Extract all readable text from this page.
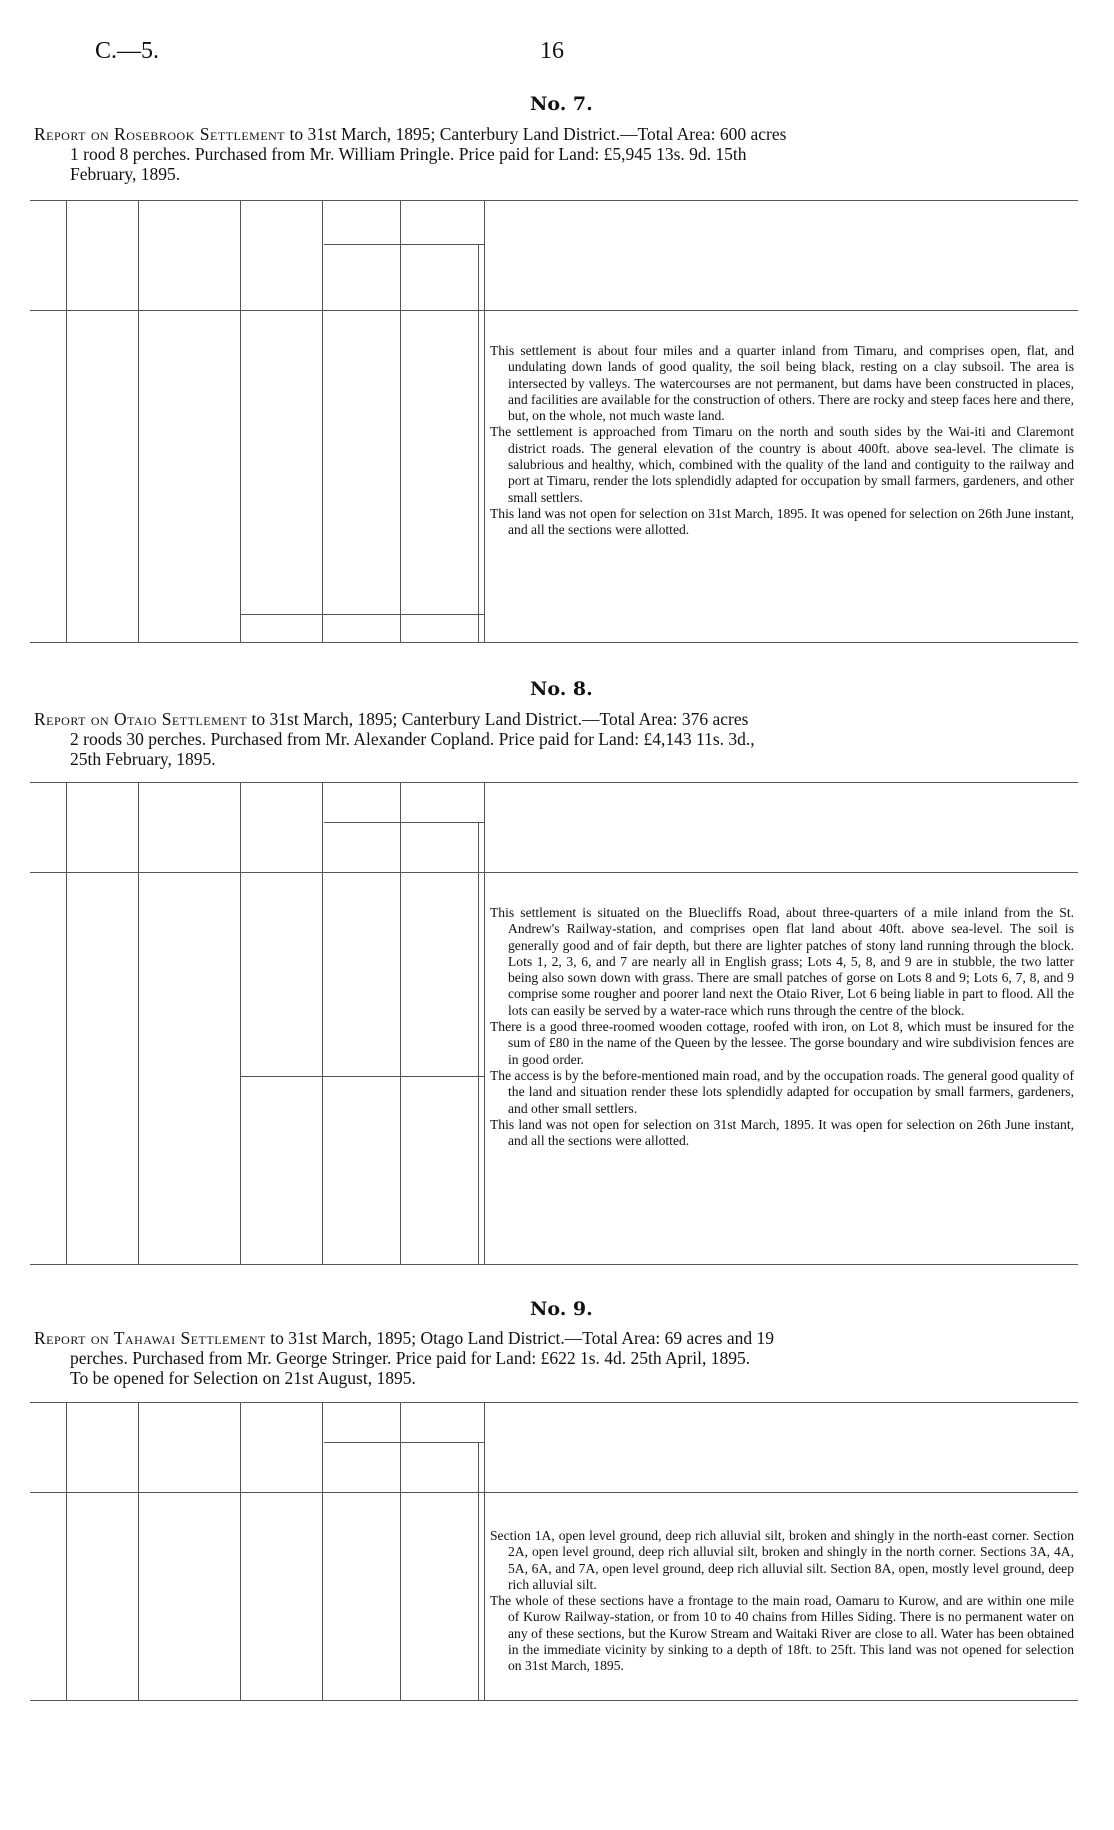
C.—5.	16
No. 7.
Report on Rosebrook Settlement to 31st March, 1895; Canterbury Land District.—Total Area: 600 acres
1 rood 8 perches. Purchased from Mr. William Pringle. Price paid for Land: £5,945 13s. 9d. 15th
February, 1895.

This settlement is about four miles and a quarter inland from Timaru, and comprises open, flat, and undulating down lands of good quality, the soil being black, resting on a clay subsoil. The area is intersected by valleys. The watercourses are not permanent, but dams have been constructed in places, and facilities are available for the construction of others. There are rocky and steep faces here and there, but, on the whole, not much waste land.

The settlement is approached from Timaru on the north and south sides by the Wai-iti and Claremont district roads. The general elevation of the country is about 400ft. above sea-level. The climate is salubrious and healthy, which, combined with the quality of the land and contiguity to the railway and port at Timaru, render the lots splendidly adapted for occupation by small farmers, gardeners, and other small settlers.

This land was not open for selection on 31st March, 1895. It was opened for selection on 26th June instant, and all the sections were allotted.

No. 8.
Report on Otaio Settlement to 31st March, 1895; Canterbury Land District.—Total Area: 376 acres
2 roods 30 perches. Purchased from Mr. Alexander Copland. Price paid for Land: £4,143 11s. 3d.,
25th February, 1895.

This settlement is situated on the Bluecliffs Road, about three-quarters of a mile inland from the St. Andrew's Railway-station, and comprises open flat land about 40ft. above sea-level. The soil is generally good and of fair depth, but there are lighter patches of stony land running through the block. Lots 1, 2, 3, 6, and 7 are nearly all in English grass; Lots 4, 5, 8, and 9 are in stubble, the two latter being also sown down with grass. There are small patches of gorse on Lots 8 and 9; Lots 6, 7, 8, and 9 comprise some rougher and poorer land next the Otaio River, Lot 6 being liable in part to flood. All the lots can easily be served by a water-race which runs through the centre of the block.

There is a good three-roomed wooden cottage, roofed with iron, on Lot 8, which must be insured for the sum of £80 in the name of the Queen by the lessee. The gorse boundary and wire subdivision fences are in good order.

The access is by the before-mentioned main road, and by the occupation roads. The general good quality of the land and situation render these lots splendidly adapted for occupation by small farmers, gardeners, and other small settlers.

This land was not open for selection on 31st March, 1895. It was open for selection on 26th June instant, and all the sections were allotted.

No. 9.
Report on Tahawai Settlement to 31st March, 1895; Otago Land District.—Total Area: 69 acres and 19
perches. Purchased from Mr. George Stringer. Price paid for Land: £622 1s. 4d. 25th April, 1895.
To be opened for Selection on 21st August, 1895.

Section 1A, open level ground, deep rich alluvial silt, broken and shingly in the north-east corner. Section 2A, open level ground, deep rich alluvial silt, broken and shingly in the north corner. Sections 3A, 4A, 5A, 6A, and 7A, open level ground, deep rich alluvial silt. Section 8A, open, mostly level ground, deep rich alluvial silt.

The whole of these sections have a frontage to the main road, Oamaru to Kurow, and are within one mile of Kurow Railway-station, or from 10 to 40 chains from Hilles Siding. There is no permanent water on any of these sections, but the Kurow Stream and Waitaki River are close to all. Water has been obtained in the immediate vicinity by sinking to a depth of 18ft. to 25ft. This land was not opened for selection on 31st March, 1895.
